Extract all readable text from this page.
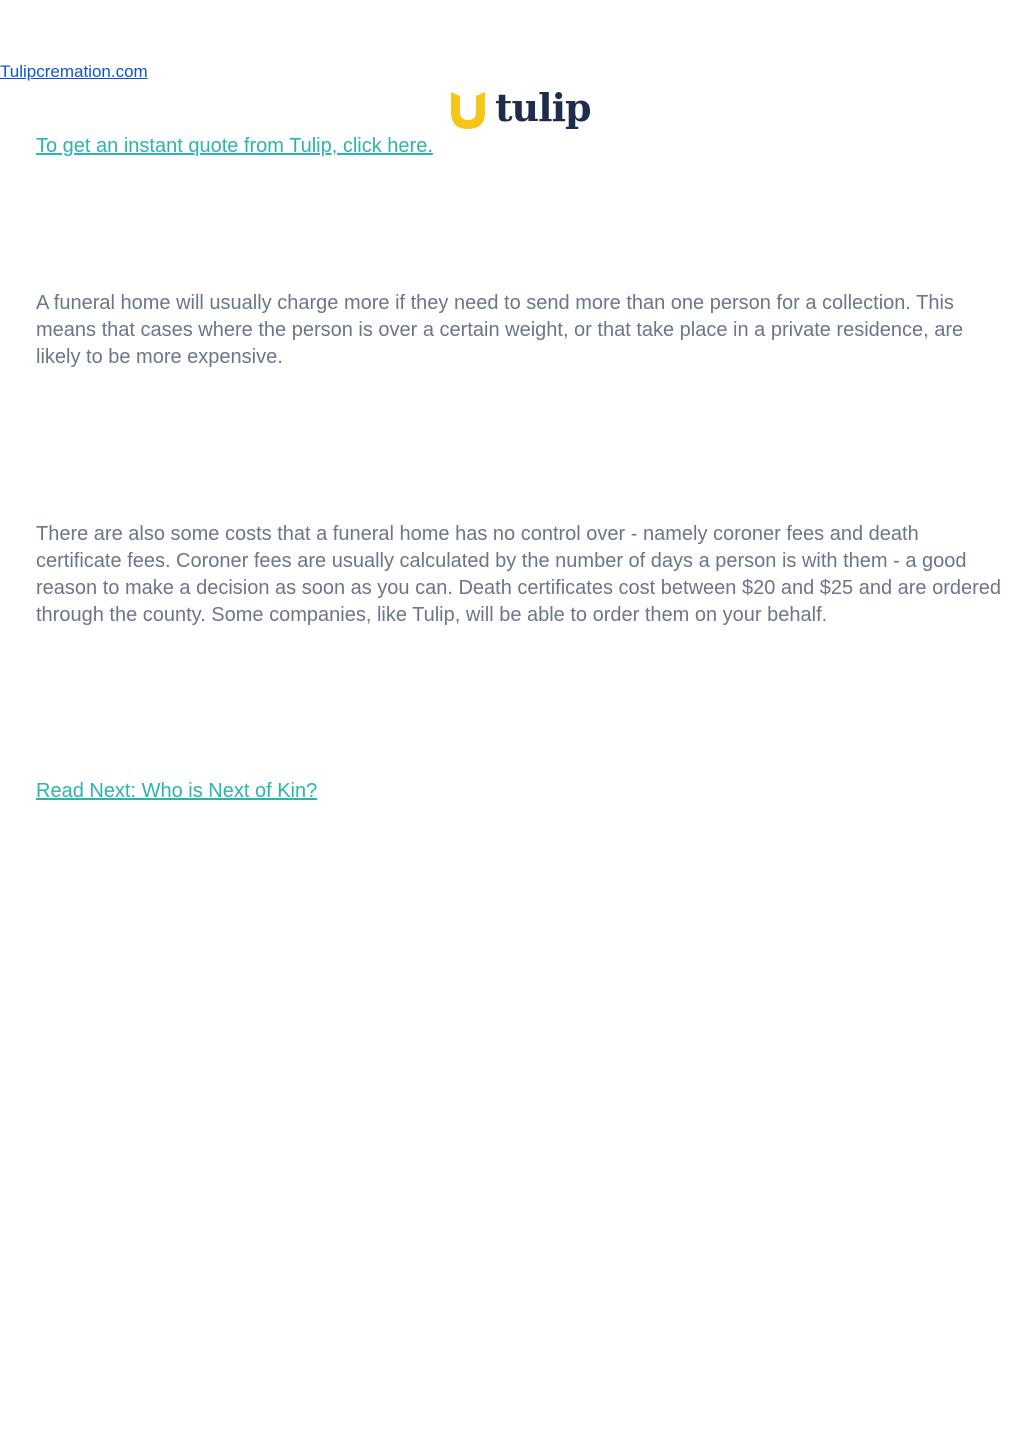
Tulipcremation.com
tulip
To get an instant quote from Tulip, click here.

A funeral home will usually charge more if they need to send more than one person for a collection. This means that cases where the person is over a certain weight, or that take place in a private residence, are likely to be more expensive.

There are also some costs that a funeral home has no control over - namely coroner fees and death certificate fees. Coroner fees are usually calculated by the number of days a person is with them - a good reason to make a decision as soon as you can. Death certificates cost between $20 and $25 and are ordered through the county. Some companies, like Tulip, will be able to order them on your behalf.

Read Next: Who is Next of Kin?
